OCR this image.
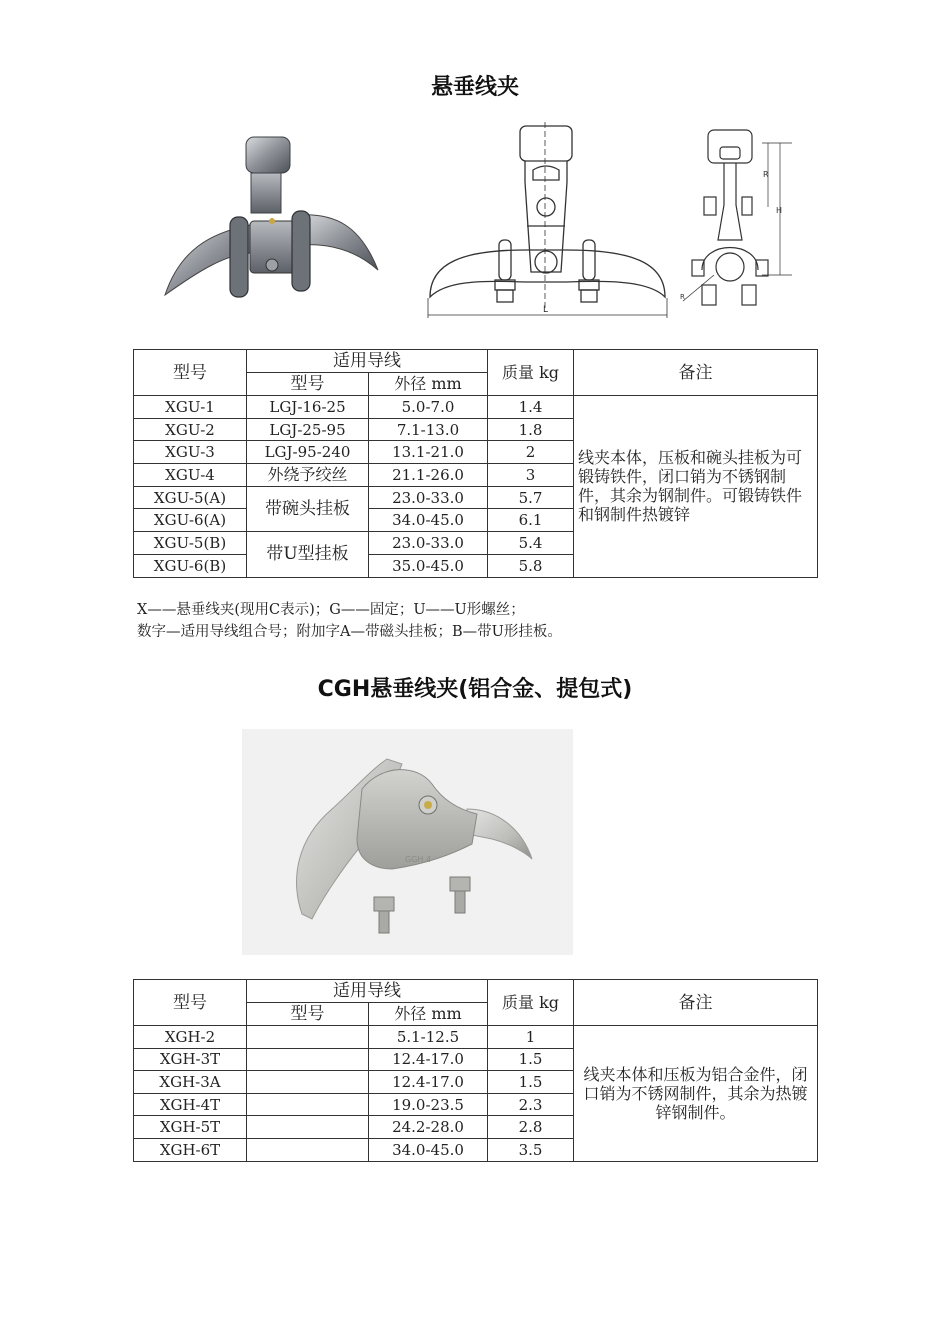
悬垂线夹
L
R
H
R
型号	适用导线		质量 kg	备注
	型号	外径 mm		
XGU-1	LGJ-16-25	5.0-7.0	1.4	线夹本体，压板和碗头挂板为可锻铸铁件，闭口销为不锈钢制件，其余为钢制件。可锻铸铁件和钢制件热镀锌
XGU-2	LGJ-25-95	7.1-13.0	1.8	
XGU-3	LGJ-95-240	13.1-21.0	2	
XGU-4	外绕予绞丝	21.1-26.0	3	
XGU-5(A)	带碗头挂板	23.0-33.0	5.7	
XGU-6(A)		34.0-45.0	6.1	
XGU-5(B)	带U型挂板	23.0-33.0	5.4	
XGU-6(B)		35.0-45.0	5.8	
X——悬垂线夹(现用C表示)；G——固定；U——U形螺丝；
数字—适用导线组合号；附加字A—带磁头挂板；B—带U形挂板。
CGH悬垂线夹(铝合金、提包式)
GGH 4
型号	适用导线		质量 kg	备注
	型号	外径 mm		
XGH-2		5.1-12.5	1	线夹本体和压板为铝合金件，闭口销为不锈网制件，其余为热镀锌钢制件。
XGH-3T		12.4-17.0	1.5	
XGH-3A		12.4-17.0	1.5	
XGH-4T		19.0-23.5	2.3	
XGH-5T		24.2-28.0	2.8	
XGH-6T		34.0-45.0	3.5	
